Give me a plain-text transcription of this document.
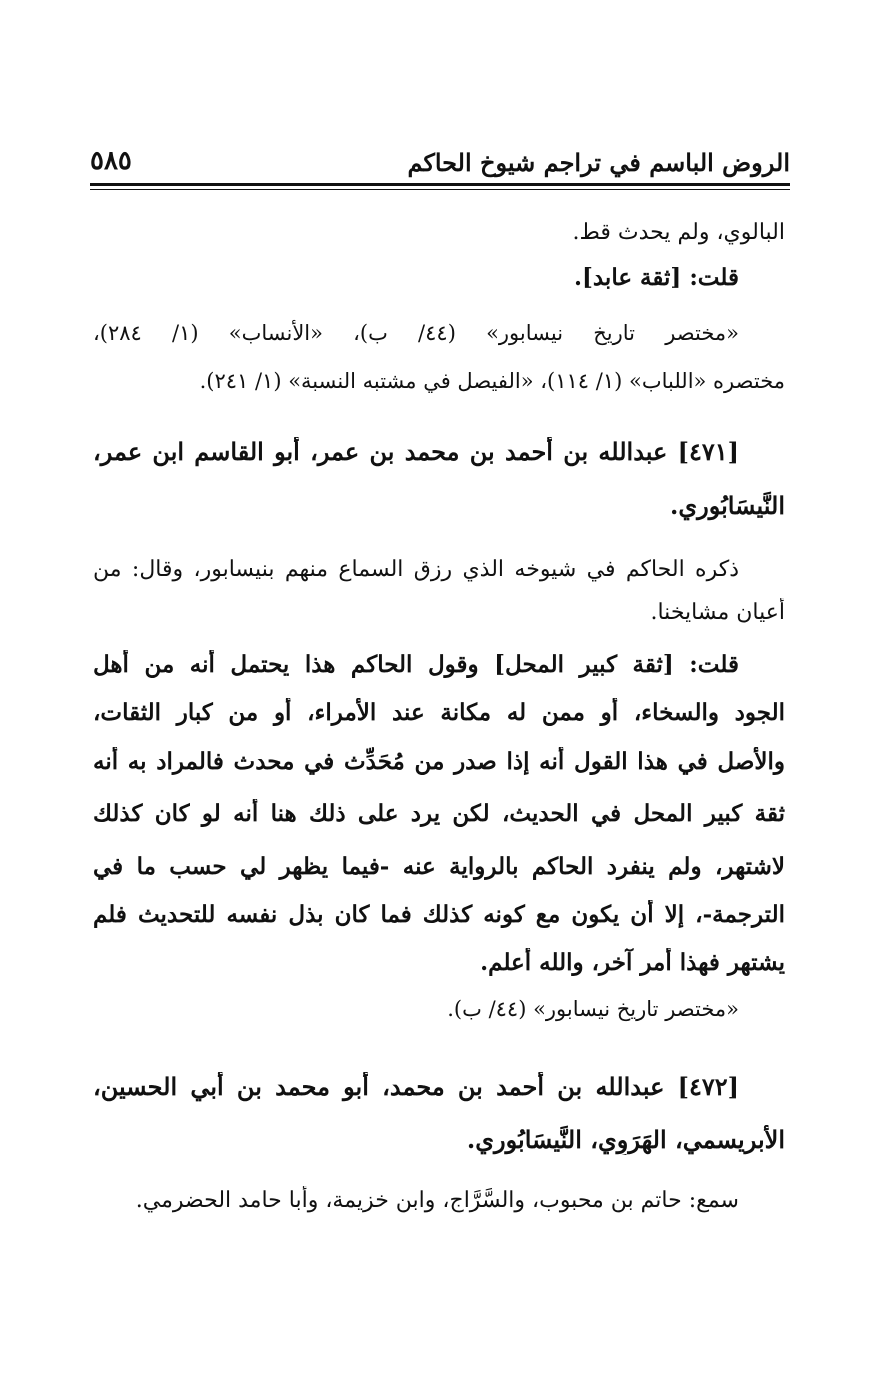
الروض الباسم في تراجم شيوخ الحاكم
٥٨٥
البالوي، ولم يحدث قط.
قلت: [ثقة عابد].
«مختصر تاريخ نيسابور» (٤٤/ ب)، «الأنساب» (١/ ٢٨٤)،
مختصره «اللباب» (١/ ١١٤)، «الفيصل في مشتبه النسبة» (١/ ٢٤١).
[٤٧١] عبدالله بن أحمد بن محمد بن عمر، أبو القاسم ابن عمر،
النَّيسَابُوري.
ذكره الحاكم في شيوخه الذي رزق السماع منهم بنيسابور، وقال: من
أعيان مشايخنا.
قلت: [ثقة كبير المحل] وقول الحاكم هذا يحتمل أنه من أهل
الجود والسخاء، أو ممن له مكانة عند الأمراء، أو من كبار الثقات،
والأصل في هذا القول أنه إذا صدر من مُحَدِّث في محدث فالمراد به أنه
ثقة كبير المحل في الحديث، لكن يرد على ذلك هنا أنه لو كان كذلك
لاشتهر، ولم ينفرد الحاكم بالرواية عنه -فيما يظهر لي حسب ما في
الترجمة-، إلا أن يكون مع كونه كذلك فما كان بذل نفسه للتحديث فلم
يشتهر فهذا أمر آخر، والله أعلم.
«مختصر تاريخ نيسابور» (٤٤/ ب).
[٤٧٢] عبدالله بن أحمد بن محمد، أبو محمد بن أبي الحسين،
الأبريسمي، الهَرَوِي، النَّيسَابُوري.
سمع: حاتم بن محبوب، والسَّرَّاج، وابن خزيمة، وأبا حامد الحضرمي.
